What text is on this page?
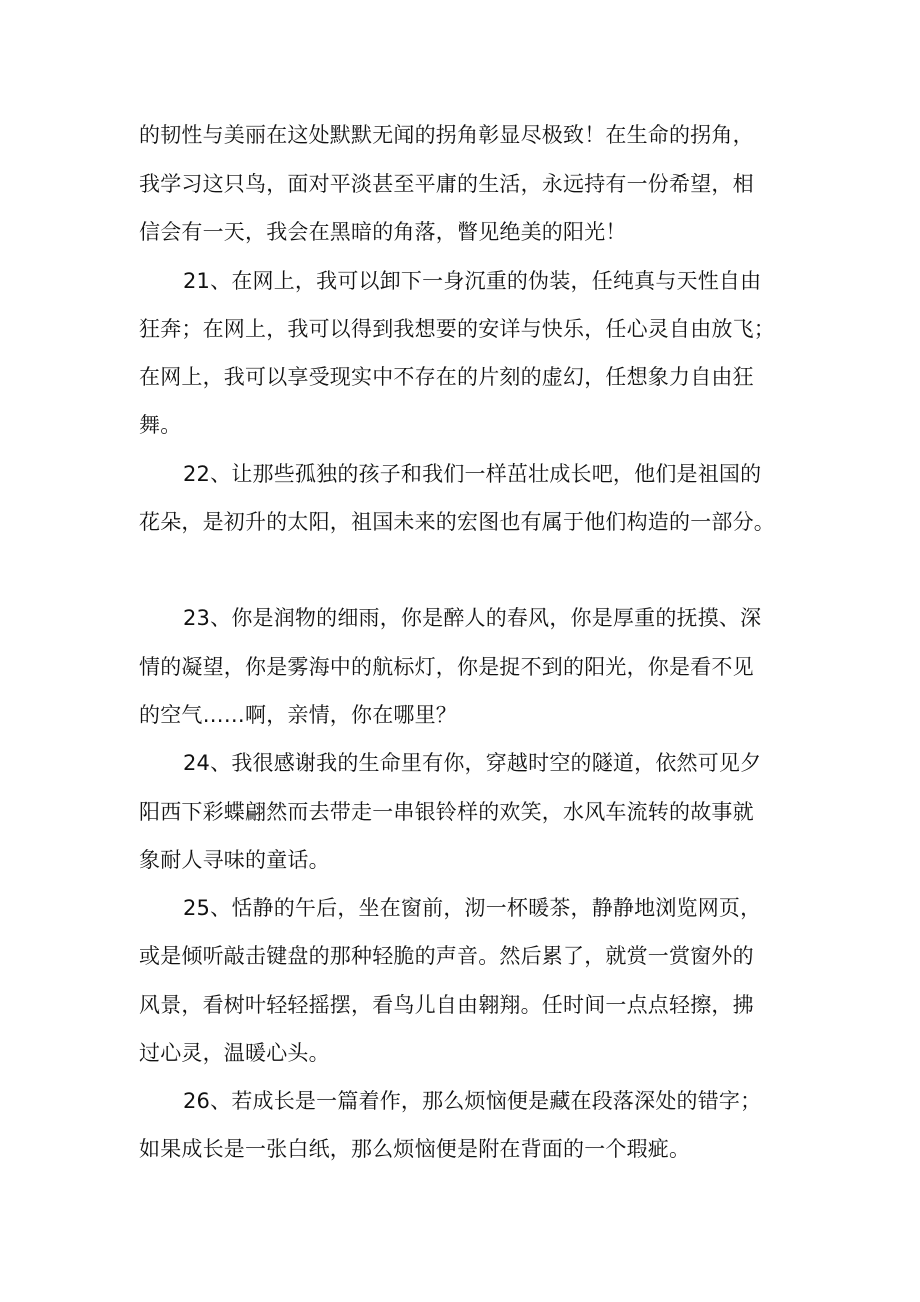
的韧性与美丽在这处默默无闻的拐角彰显尽极致！在生命的拐角，
我学习这只鸟，面对平淡甚至平庸的生活，永远持有一份希望，相
信会有一天，我会在黑暗的角落，瞥见绝美的阳光！
21、在网上，我可以卸下一身沉重的伪装，任纯真与天性自由
狂奔；在网上，我可以得到我想要的安详与快乐，任心灵自由放飞；
在网上，我可以享受现实中不存在的片刻的虚幻，任想象力自由狂
舞。
22、让那些孤独的孩子和我们一样茁壮成长吧，他们是祖国的
花朵，是初升的太阳，祖国未来的宏图也有属于他们构造的一部分。
23、你是润物的细雨，你是醉人的春风，你是厚重的抚摸、深
情的凝望，你是雾海中的航标灯，你是捉不到的阳光，你是看不见
的空气……啊，亲情，你在哪里？
24、我很感谢我的生命里有你，穿越时空的隧道，依然可见夕
阳西下彩蝶翩然而去带走一串银铃样的欢笑，水风车流转的故事就
象耐人寻味的童话。
25、恬静的午后，坐在窗前，沏一杯暖茶，静静地浏览网页，
或是倾听敲击键盘的那种轻脆的声音。然后累了，就赏一赏窗外的
风景，看树叶轻轻摇摆，看鸟儿自由翱翔。任时间一点点轻擦，拂
过心灵，温暖心头。
26、若成长是一篇着作，那么烦恼便是藏在段落深处的错字；
如果成长是一张白纸，那么烦恼便是附在背面的一个瑕疵。
